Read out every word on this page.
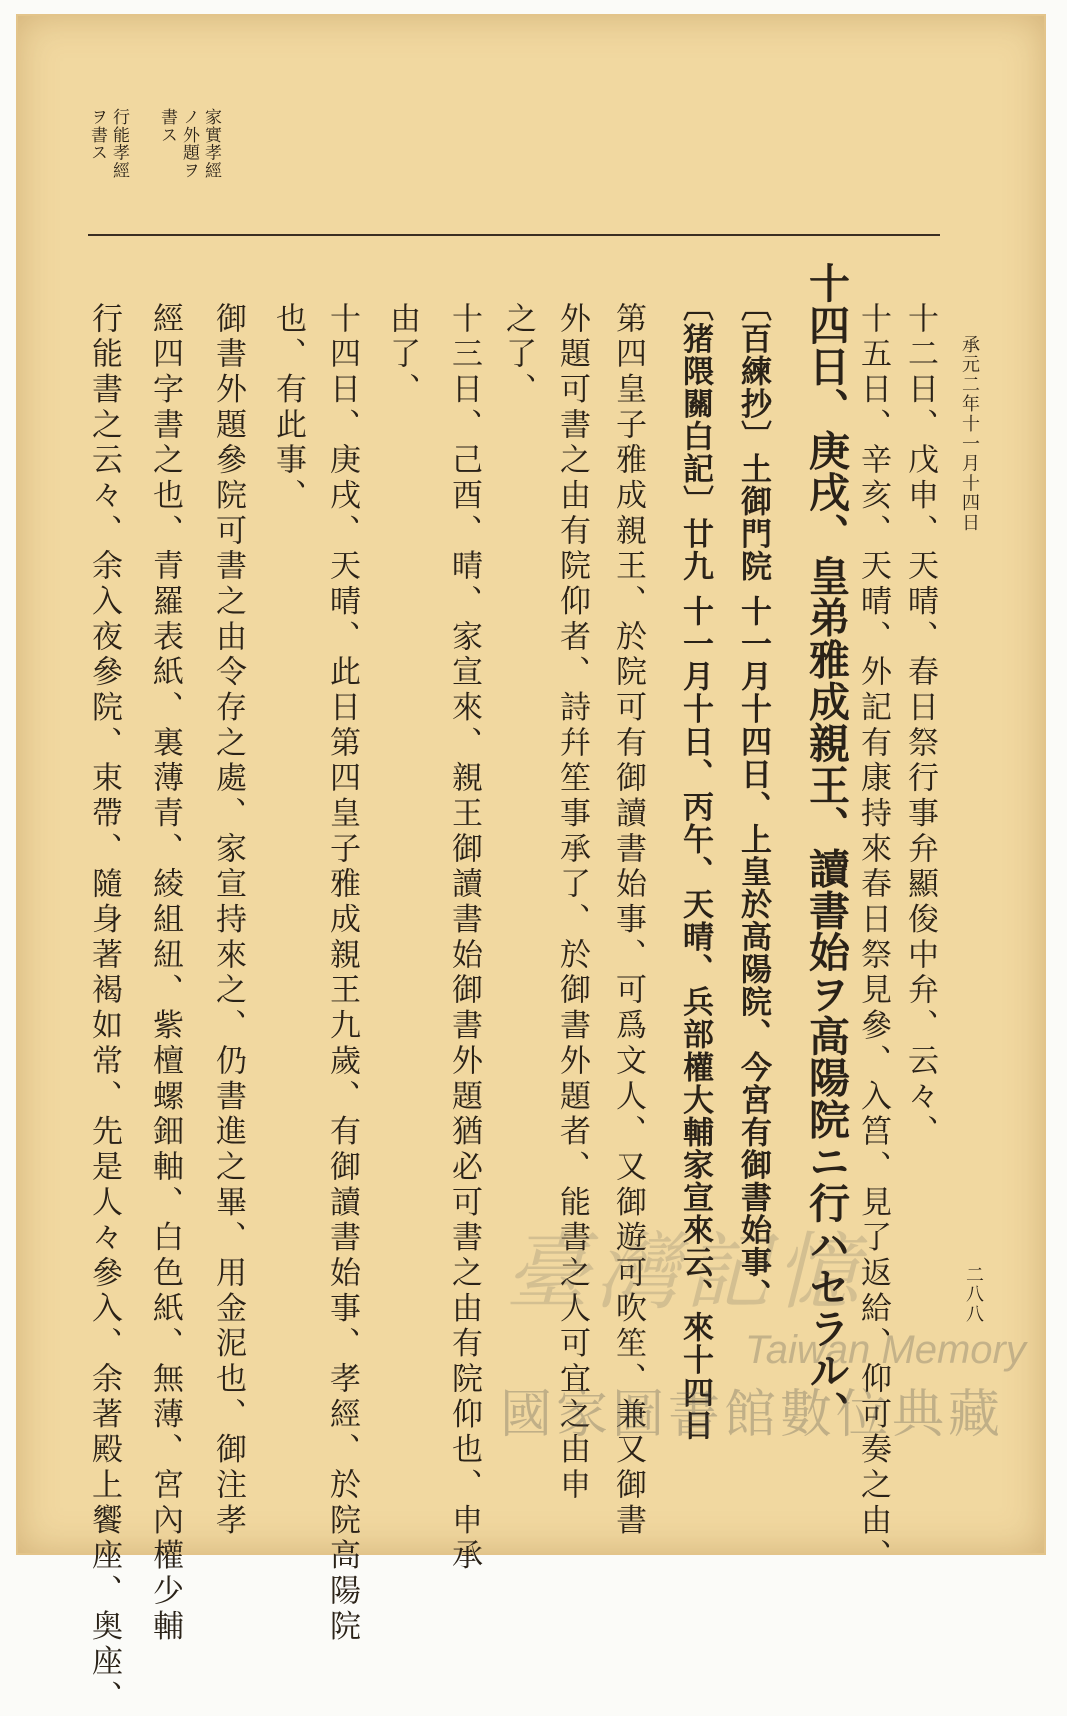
承元二年十一月十四日
二八八
家實孝經
ノ外題ヲ
書ス
行能孝經
ヲ書ス
十二日、戊申、天晴、春日祭行事弁顯俊中弁、云々、
十五日、辛亥、天晴、外記有康持來春日祭見參、入筥、見了返給、仰可奏之由、
十四日、庚戌、皇弟雅成親王、讀書始ヲ高陽院ニ行ハセラル、
〔百練抄〕土御門院 十一月十四日、上皇於高陽院、今宮有御書始事、
〔猪隈關白記〕廿九 十一月十日、丙午、天晴、兵部權大輔家宣來云、來十四日
第四皇子雅成親王、於院可有御讀書始事、可爲文人、又御遊可吹笙、兼又御書
外題可書之由有院仰者、詩幷笙事承了、於御書外題者、能書之人可宜之由申
之了、
十三日、己酉、晴、家宣來、親王御讀書始御書外題猶必可書之由有院仰也、申承
由了、
十四日、庚戌、天晴、此日第四皇子雅成親王九歲、有御讀書始事、孝經、於院高陽院
也、有此事、
御書外題參院可書之由令存之處、家宣持來之、仍書進之畢、用金泥也、御注孝
經四字書之也、青羅表紙、裏薄青、綾組紐、紫檀螺鈿軸、白色紙、無薄、宮內權少輔
行能書之云々、余入夜參院、束帶、隨身著褐如常、先是人々參入、余著殿上饗座、奥座、	臺灣記憶
Taiwan Memory
國家圖書館數位典藏
